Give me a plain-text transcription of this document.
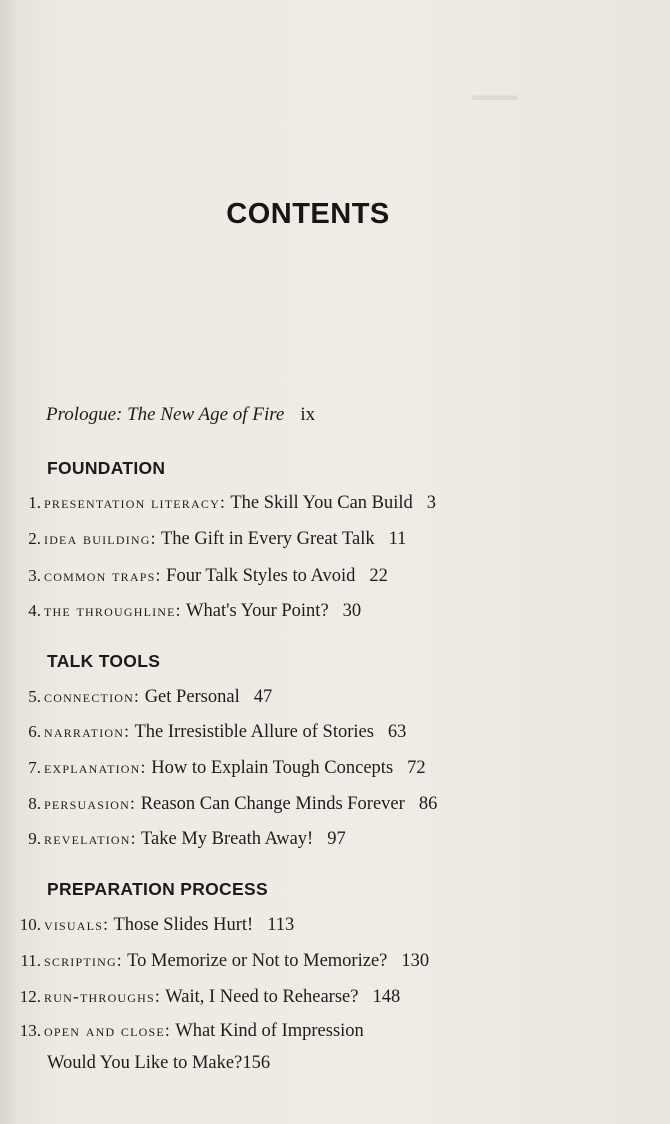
▬▬▬
CONTENTS
Prologue: The New Age of Fire ix
FOUNDATION
1. presentation literacy: The Skill You Can Build 3
2. idea building: The Gift in Every Great Talk 11
3. common traps: Four Talk Styles to Avoid 22
4. the throughline: What's Your Point? 30
TALK TOOLS
5. connection: Get Personal 47
6. narration: The Irresistible Allure of Stories 63
7. explanation: How to Explain Tough Concepts 72
8. persuasion: Reason Can Change Minds Forever 86
9. revelation: Take My Breath Away! 97
PREPARATION PROCESS
10. visuals: Those Slides Hurt! 113
11. scripting: To Memorize or Not to Memorize? 130
12. run-throughs: Wait, I Need to Rehearse? 148
13. open and close: What Kind of Impression
Would You Like to Make?156
